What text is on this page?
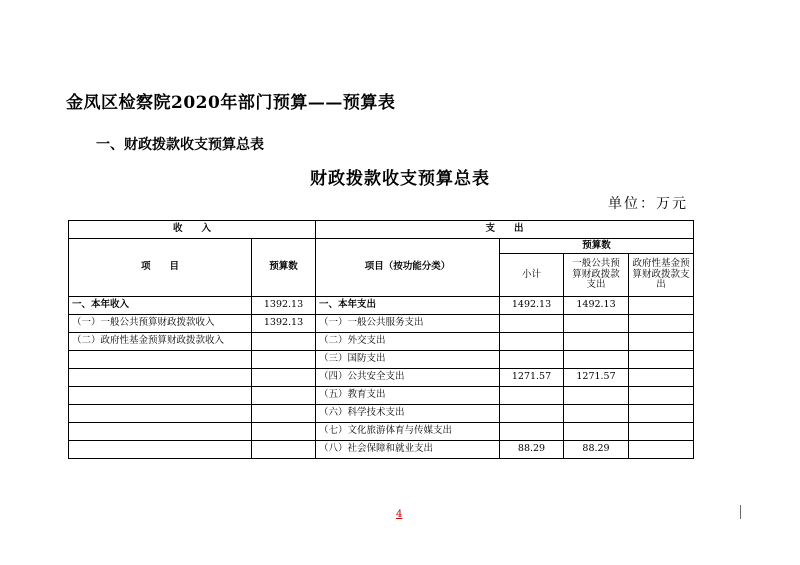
金凤区检察院2020年部门预算——预算表
一、财政拨款收支预算总表
财政拨款收支预算总表
单位：万元
收　　入		支　　出			
项　　目	预算数	项目（按功能分类）	预算数		
			小计	一般公共预算财政拨款支出	政府性基金预算财政拨款支出
一、本年收入	1392.13	一、本年支出	1492.13	1492.13	
（一）一般公共预算财政拨款收入	1392.13	（一）一般公共服务支出			
（二）政府性基金预算财政拨款收入		（二）外交支出			
		（三）国防支出			
		（四）公共安全支出	1271.57	1271.57	
		（五）教育支出			
		（六）科学技术支出			
		（七）文化旅游体育与传媒支出			
		（八）社会保障和就业支出	88.29	88.29	
4
